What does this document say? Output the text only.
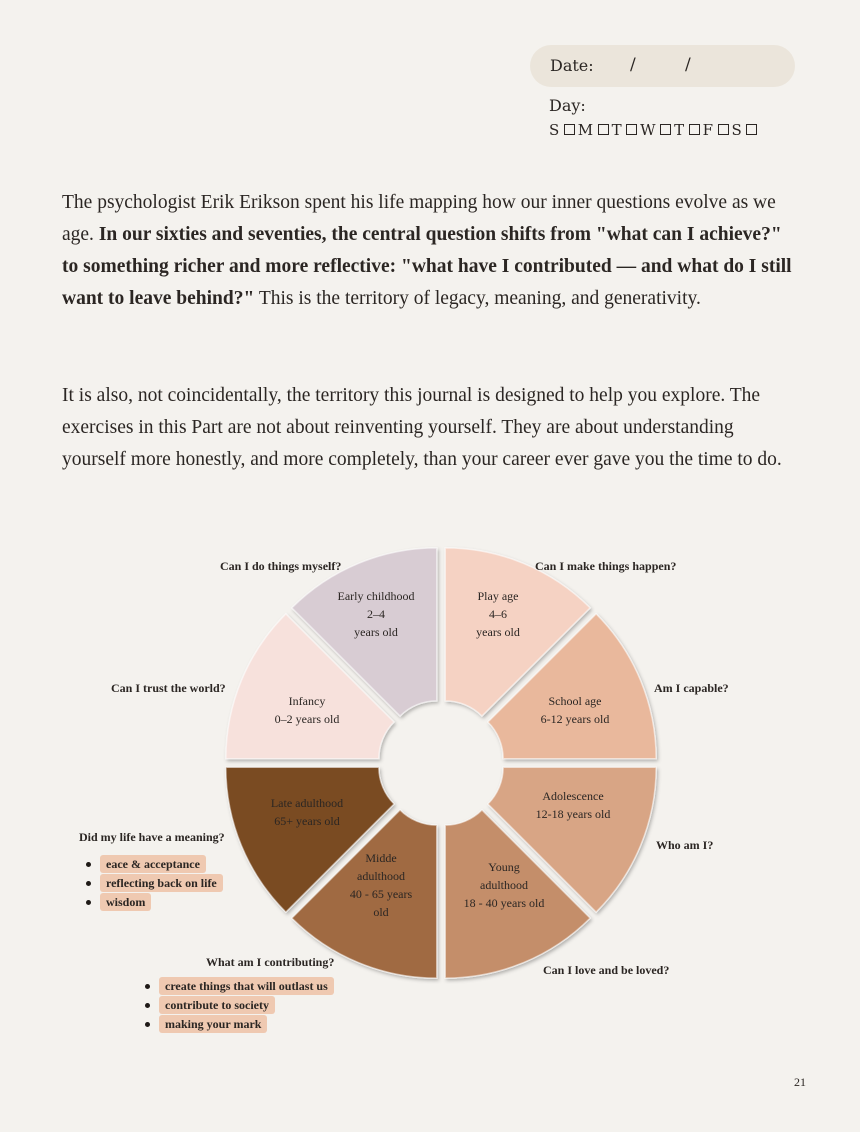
Date: /	/
Day:
S	M	T	W	T	F	S
The psychologist Erik Erikson spent his life mapping how our inner questions evolve as we age. In our sixties and seventies, the central question shifts from "what can I achieve?" to something richer and more reflective: "what have I contributed — and what do I still want to leave behind?" This is the territory of legacy, meaning, and generativity.
It is also, not coincidentally, the territory this journal is designed to help you explore. The exercises in this Part are not about reinventing yourself. They are about understanding yourself more honestly, and more completely, than your career ever gave you the time to do.
Infancy 0–2 years old
Early childhood 2–4 years old
Play age 4–6 years old
School age 6-12 years old
Adolescence 12-18 years old
Young adulthood 18 - 40 years old
Midde adulthood 40 - 65 years old
Late adulthood 65+ years old
Can I do things myself?	Can I make things happen?
Can I trust the world?	Am I capable?
Did my life have a meaning?
Who am I?
What am I contributing?
Can I love and be loved?
eace & acceptance
reflecting back on life
wisdom
create things that will outlast us
contribute to society
making your mark
21
